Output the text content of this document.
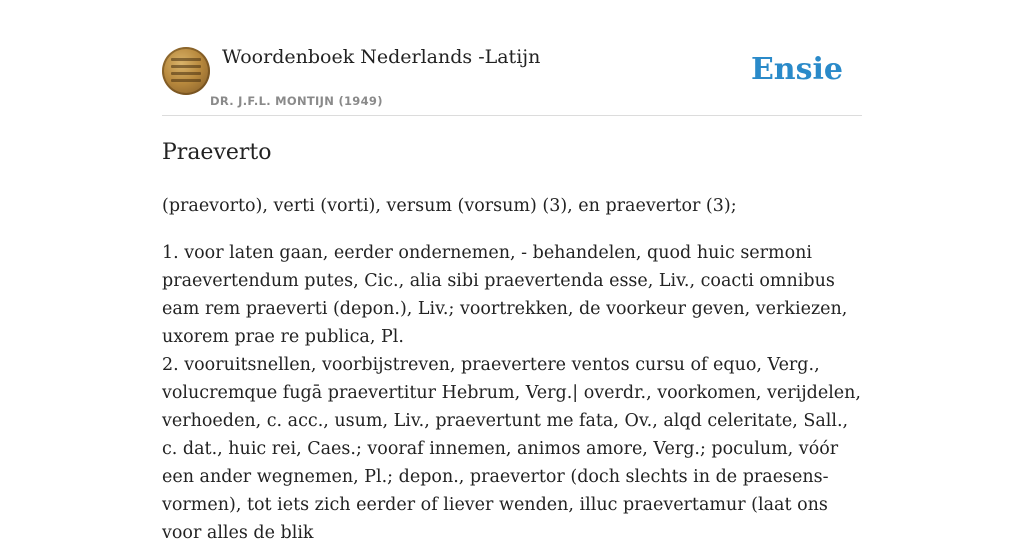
Woordenboek Nederlands -Latijn
DR. J.F.L. MONTIJN (1949)
Ensie
Praeverto

(praevorto), verti (vorti), versum (vorsum) (3), en praevertor (3);

1. voor laten gaan, eerder ondernemen, - behandelen, quod huic sermoni praevertendum putes, Cic., alia sibi praevertenda esse, Liv., coacti omnibus eam rem praeverti (depon.), Liv.; voortrekken, de voorkeur geven, verkiezen, uxorem prae re publica, Pl.

2. vooruitsnellen, voorbijstreven, praevertere ventos cursu of equo, Verg., volucremque fugā praevertitur Hebrum, Verg.| overdr., voorkomen, verijdelen, verhoeden, c. acc., usum, Liv., praevertunt me fata, Ov., alqd celeritate, Sall., c. dat., huic rei, Caes.; vooraf innemen, animos amore, Verg.; poculum, vóór een ander wegnemen, Pl.; depon., praevertor (doch slechts in de praesens-vormen), tot iets zich eerder of liever wenden, illuc praevertamur (laat ons voor alles de blik
